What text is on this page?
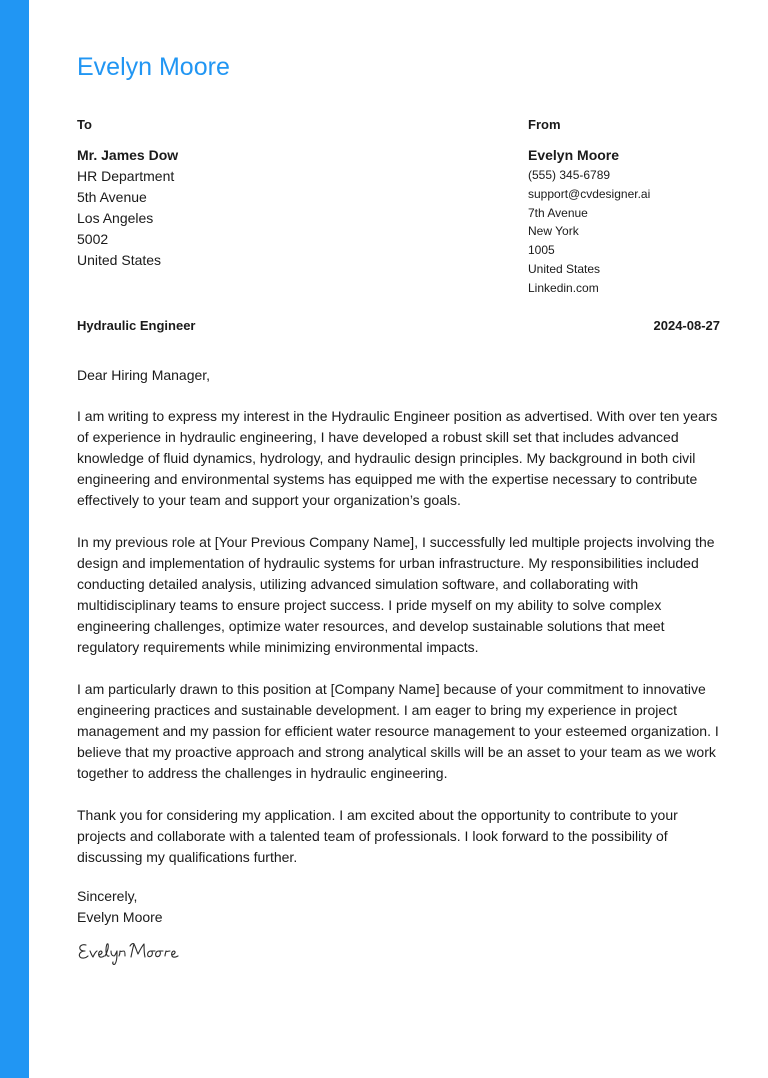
Evelyn Moore
To
Mr. James Dow
HR Department
5th Avenue
Los Angeles
5002
United States
From
Evelyn Moore
(555) 345-6789
support@cvdesigner.ai
7th Avenue
New York
1005
United States
Linkedin.com
Hydraulic Engineer	2024-08-27

Dear Hiring Manager,

I am writing to express my interest in the Hydraulic Engineer position as advertised. With over ten years of experience in hydraulic engineering, I have developed a robust skill set that includes advanced knowledge of fluid dynamics, hydrology, and hydraulic design principles. My background in both civil engineering and environmental systems has equipped me with the expertise necessary to contribute effectively to your team and support your organization’s goals.

In my previous role at [Your Previous Company Name], I successfully led multiple projects involving the design and implementation of hydraulic systems for urban infrastructure. My responsibilities included conducting detailed analysis, utilizing advanced simulation software, and collaborating with multidisciplinary teams to ensure project success. I pride myself on my ability to solve complex engineering challenges, optimize water resources, and develop sustainable solutions that meet regulatory requirements while minimizing environmental impacts.

I am particularly drawn to this position at [Company Name] because of your commitment to innovative engineering practices and sustainable development. I am eager to bring my experience in project management and my passion for efficient water resource management to your esteemed organization. I believe that my proactive approach and strong analytical skills will be an asset to your team as we work together to address the challenges in hydraulic engineering.

Thank you for considering my application. I am excited about the opportunity to contribute to your projects and collaborate with a talented team of professionals. I look forward to the possibility of discussing my qualifications further.

Sincerely,
Evelyn Moore
